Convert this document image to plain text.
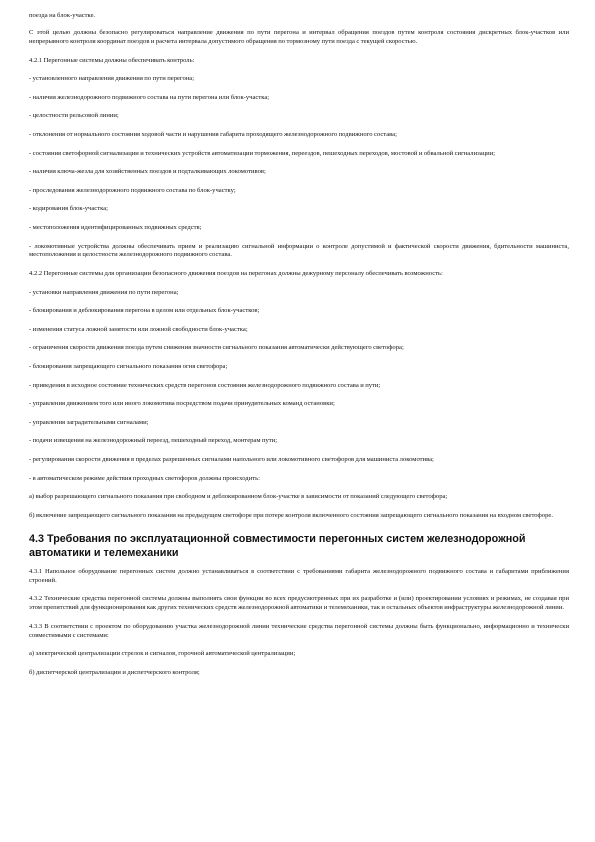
поезда на блок-участке.

С этой целью должны безопасно регулироваться направление движения по пути перегона и интервал обращения поездов путем контроля состояния дискретных блок-участков или непрерывного контроля координат поездов и расчета интервала допустимого обращения по тормозному пути поезда с текущей скоростью.

4.2.1 Перегонные системы должны обеспечивать контроль:

- установленного направления движения по пути перегона;

- наличия железнодорожного подвижного состава на пути перегона или блок-участка;

- целостности рельсовой линии;

- отклонения от нормального состояния ходовой части и нарушения габарита проходящего железнодорожного подвижного состава;

- состояния светофорной сигнализации и технических устройств автоматизации торможения, переездов, пешеходных переходов, мостовой и обвальной сигнализации;

- наличия ключа-жезла для хозяйственных поездов и подталкивающих локомотивов;

- проследования железнодорожного подвижного состава по блок-участку;

- кодирования блок-участка;

- местоположения идентифицированных подвижных средств;

- локомотивные устройства должны обеспечивать прием и реализацию сигнальной информации о контроле допустимой и фактической скорости движения, бдительности машиниста, местоположения и целостности железнодорожного подвижного состава.

4.2.2 Перегонные системы для организации безопасного движения поездов на перегонах должны дежурному персоналу обеспечивать возможность:

- установки направления движения по пути перегона;

- блокирования и деблокирования перегона в целом или отдельных блок-участков;

- изменения статуса ложной занятости или ложной свободности блок-участка;

- ограничения скорости движения поезда путем снижения значности сигнального показания автоматически действующего светофора;

- блокирования запрещающего сигнального показания огня светофора;

- приведения в исходное состояние технических средств перегонов состояния железнодорожного подвижного состава и пути;

- управления движением того или иного локомотива посредством подачи принудительных команд остановки;

- управления заградительными сигналами;

- подачи извещения на железнодорожный переезд, пешеходный переход, монтерам пути;

- регулирования скорости движения в пределах разрешенных сигналами напольного или локомотивного светофоров для машиниста локомотива;

- в автоматическом режиме действия проходных светофоров должны происходить:

а) выбор разрешающего сигнального показания при свободном и деблокированном блок-участке в зависимости от показаний следующего светофора;

б) включение запрещающего сигнального показания на предыдущем светофоре при потере контроля включенного состояния запрещающего сигнального показания на входном светофоре.

4.3 Требования по эксплуатационной совместимости перегонных систем железнодорожной автоматики и телемеханики

4.3.1 Напольное оборудование перегонных систем должно устанавливаться в соответствии с требованиями габарита железнодорожного подвижного состава и габаритами приближения строений.

4.3.2 Технические средства перегонной системы должны выполнять свои функции во всех предусмотренных при их разработке и (или) проектировании условиях и режимах, не создавая при этом препятствий для функционирования как других технических средств железнодорожной автоматики и телемеханики, так и остальных объектов инфраструктуры железнодорожной линии.

4.3.3 В соответствии с проектом по оборудованию участка железнодорожной линии технические средства перегонной системы должны быть функционально, информационно и технически совместимыми с системами:

а) электрической централизации стрелок и сигналов, горочной автоматической централизации;

б) диспетчерской централизации и диспетчерского контроля;
